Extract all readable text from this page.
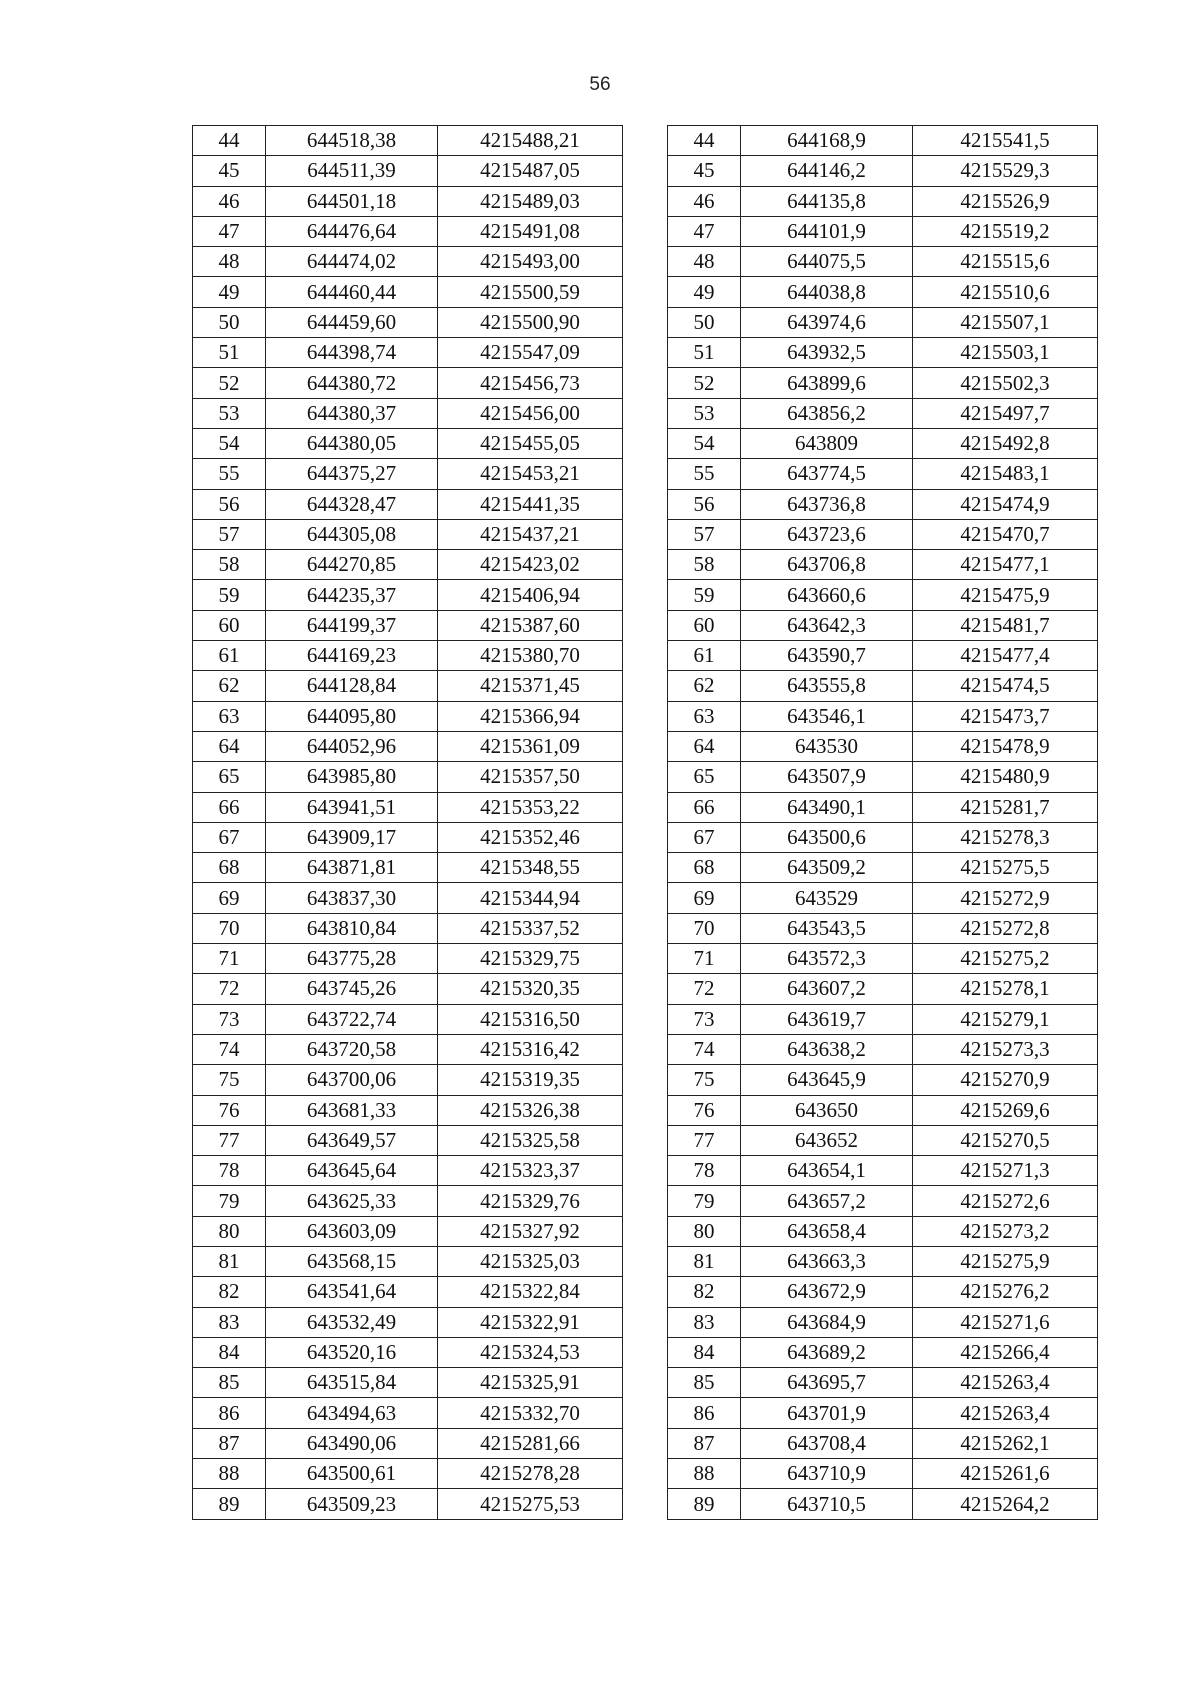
56
44	644518,38	4215488,21
45	644511,39	4215487,05
46	644501,18	4215489,03
47	644476,64	4215491,08
48	644474,02	4215493,00
49	644460,44	4215500,59
50	644459,60	4215500,90
51	644398,74	4215547,09
52	644380,72	4215456,73
53	644380,37	4215456,00
54	644380,05	4215455,05
55	644375,27	4215453,21
56	644328,47	4215441,35
57	644305,08	4215437,21
58	644270,85	4215423,02
59	644235,37	4215406,94
60	644199,37	4215387,60
61	644169,23	4215380,70
62	644128,84	4215371,45
63	644095,80	4215366,94
64	644052,96	4215361,09
65	643985,80	4215357,50
66	643941,51	4215353,22
67	643909,17	4215352,46
68	643871,81	4215348,55
69	643837,30	4215344,94
70	643810,84	4215337,52
71	643775,28	4215329,75
72	643745,26	4215320,35
73	643722,74	4215316,50
74	643720,58	4215316,42
75	643700,06	4215319,35
76	643681,33	4215326,38
77	643649,57	4215325,58
78	643645,64	4215323,37
79	643625,33	4215329,76
80	643603,09	4215327,92
81	643568,15	4215325,03
82	643541,64	4215322,84
83	643532,49	4215322,91
84	643520,16	4215324,53
85	643515,84	4215325,91
86	643494,63	4215332,70
87	643490,06	4215281,66
88	643500,61	4215278,28
89	643509,23	4215275,53
44	644168,9	4215541,5
45	644146,2	4215529,3
46	644135,8	4215526,9
47	644101,9	4215519,2
48	644075,5	4215515,6
49	644038,8	4215510,6
50	643974,6	4215507,1
51	643932,5	4215503,1
52	643899,6	4215502,3
53	643856,2	4215497,7
54	643809	4215492,8
55	643774,5	4215483,1
56	643736,8	4215474,9
57	643723,6	4215470,7
58	643706,8	4215477,1
59	643660,6	4215475,9
60	643642,3	4215481,7
61	643590,7	4215477,4
62	643555,8	4215474,5
63	643546,1	4215473,7
64	643530	4215478,9
65	643507,9	4215480,9
66	643490,1	4215281,7
67	643500,6	4215278,3
68	643509,2	4215275,5
69	643529	4215272,9
70	643543,5	4215272,8
71	643572,3	4215275,2
72	643607,2	4215278,1
73	643619,7	4215279,1
74	643638,2	4215273,3
75	643645,9	4215270,9
76	643650	4215269,6
77	643652	4215270,5
78	643654,1	4215271,3
79	643657,2	4215272,6
80	643658,4	4215273,2
81	643663,3	4215275,9
82	643672,9	4215276,2
83	643684,9	4215271,6
84	643689,2	4215266,4
85	643695,7	4215263,4
86	643701,9	4215263,4
87	643708,4	4215262,1
88	643710,9	4215261,6
89	643710,5	4215264,2
